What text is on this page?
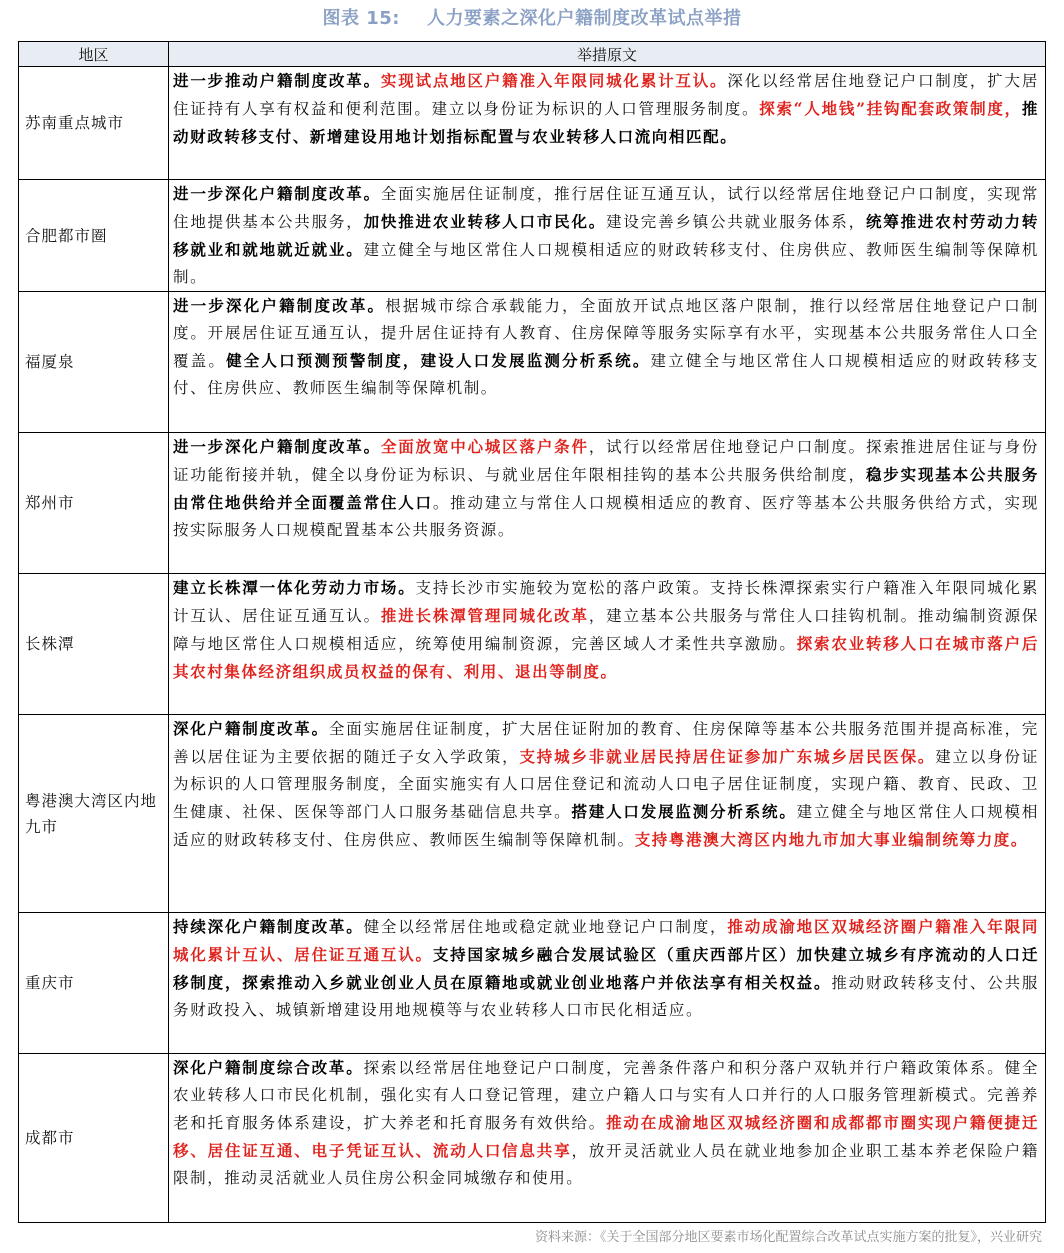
图表 15:    人力要素之深化户籍制度改革试点举措
地区	举措原文
苏南重点城市	进一步推动户籍制度改革。实现试点地区户籍准入年限同城化累计互认。深化以经常居住地登记户口制度，扩大居住证持有人享有权益和便利范围。建立以身份证为标识的人口管理服务制度。探索“人地钱”挂钩配套政策制度，推动财政转移支付、新增建设用地计划指标配置与农业转移人口流向相匹配。
合肥都市圈	进一步深化户籍制度改革。全面实施居住证制度，推行居住证互通互认，试行以经常居住地登记户口制度，实现常住地提供基本公共服务，加快推进农业转移人口市民化。建设完善乡镇公共就业服务体系，统筹推进农村劳动力转移就业和就地就近就业。建立健全与地区常住人口规模相适应的财政转移支付、住房供应、教师医生编制等保障机制。
福厦泉	进一步深化户籍制度改革。根据城市综合承载能力，全面放开试点地区落户限制，推行以经常居住地登记户口制度。开展居住证互通互认，提升居住证持有人教育、住房保障等服务实际享有水平，实现基本公共服务常住人口全覆盖。健全人口预测预警制度，建设人口发展监测分析系统。建立健全与地区常住人口规模相适应的财政转移支付、住房供应、教师医生编制等保障机制。
郑州市	进一步深化户籍制度改革。全面放宽中心城区落户条件，试行以经常居住地登记户口制度。探索推进居住证与身份证功能衔接并轨，健全以身份证为标识、与就业居住年限相挂钩的基本公共服务供给制度，稳步实现基本公共服务由常住地供给并全面覆盖常住人口。推动建立与常住人口规模相适应的教育、医疗等基本公共服务供给方式，实现按实际服务人口规模配置基本公共服务资源。
长株潭	建立长株潭一体化劳动力市场。支持长沙市实施较为宽松的落户政策。支持长株潭探索实行户籍准入年限同城化累计互认、居住证互通互认。推进长株潭管理同城化改革，建立基本公共服务与常住人口挂钩机制。推动编制资源保障与地区常住人口规模相适应，统筹使用编制资源，完善区域人才柔性共享激励。探索农业转移人口在城市落户后其农村集体经济组织成员权益的保有、利用、退出等制度。
粤港澳大湾区内地九市	深化户籍制度改革。全面实施居住证制度，扩大居住证附加的教育、住房保障等基本公共服务范围并提高标准，完善以居住证为主要依据的随迁子女入学政策，支持城乡非就业居民持居住证参加广东城乡居民医保。建立以身份证为标识的人口管理服务制度，全面实施实有人口居住登记和流动人口电子居住证制度，实现户籍、教育、民政、卫生健康、社保、医保等部门人口服务基础信息共享。搭建人口发展监测分析系统。建立健全与地区常住人口规模相适应的财政转移支付、住房供应、教师医生编制等保障机制。支持粤港澳大湾区内地九市加大事业编制统筹力度。
重庆市	持续深化户籍制度改革。健全以经常居住地或稳定就业地登记户口制度，推动成渝地区双城经济圈户籍准入年限同城化累计互认、居住证互通互认。支持国家城乡融合发展试验区（重庆西部片区）加快建立城乡有序流动的人口迁移制度，探索推动入乡就业创业人员在原籍地或就业创业地落户并依法享有相关权益。推动财政转移支付、公共服务财政投入、城镇新增建设用地规模等与农业转移人口市民化相适应。
成都市	深化户籍制度综合改革。探索以经常居住地登记户口制度，完善条件落户和积分落户双轨并行户籍政策体系。健全农业转移人口市民化机制，强化实有人口登记管理，建立户籍人口与实有人口并行的人口服务管理新模式。完善养老和托育服务体系建设，扩大养老和托育服务有效供给。推动在成渝地区双城经济圈和成都都市圈实现户籍便捷迁移、居住证互通、电子凭证互认、流动人口信息共享，放开灵活就业人员在就业地参加企业职工基本养老保险户籍限制，推动灵活就业人员住房公积金同城缴存和使用。
资料来源：《关于全国部分地区要素市场化配置综合改革试点实施方案的批复》，兴业研究
